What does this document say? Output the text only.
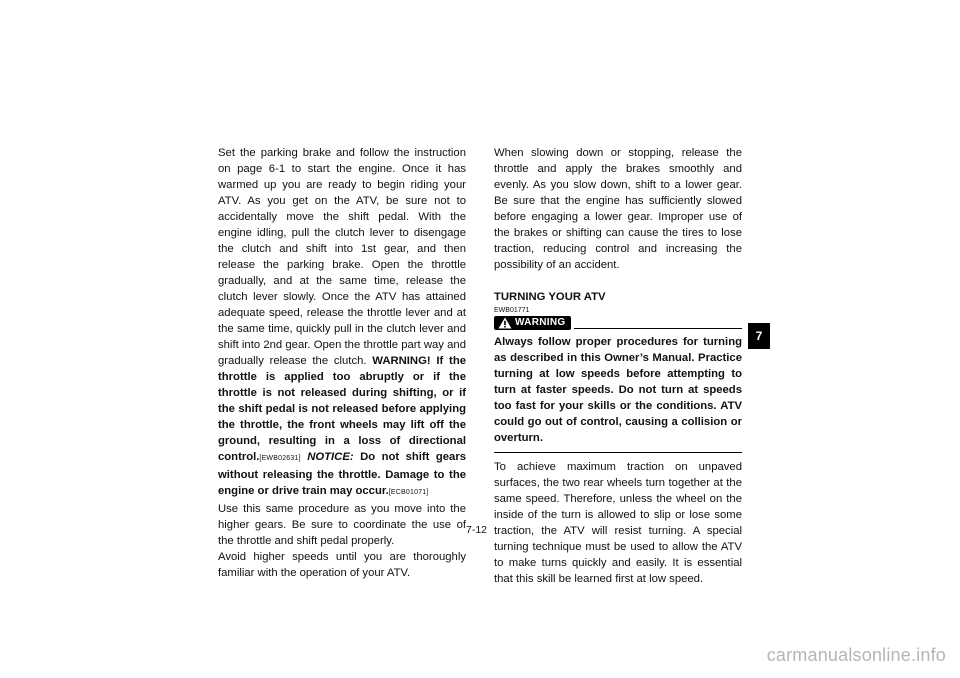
Set the parking brake and follow the instruction on page 6-1 to start the engine. Once it has warmed up you are ready to begin riding your ATV. As you get on the ATV, be sure not to accidentally move the shift pedal. With the engine idling, pull the clutch lever to disengage the clutch and shift into 1st gear, and then release the parking brake. Open the throttle gradually, and at the same time, release the clutch lever slowly. Once the ATV has attained adequate speed, release the throttle lever and at the same time, quickly pull in the clutch lever and shift into 2nd gear. Open the throttle part way and gradually release the clutch. WARNING! If the throttle is applied too abruptly or if the throttle is not released during shifting, or if the shift pedal is not released before applying the throttle, the front wheels may lift off the ground, resulting in a loss of directional control.[EWB02631] NOTICE: Do not shift gears without releasing the throttle. Damage to the engine or drive train may occur.[ECB01071]

Use this same procedure as you move into the higher gears. Be sure to coordinate the use of the throttle and shift pedal properly.

Avoid higher speeds until you are thoroughly familiar with the operation of your ATV.

When slowing down or stopping, release the throttle and apply the brakes smoothly and evenly. As you slow down, shift to a lower gear. Be sure that the engine has sufficiently slowed before engaging a lower gear. Improper use of the brakes or shifting can cause the tires to lose traction, reducing control and increasing the possibility of an accident.

TURNING YOUR ATV

EWB01771

WARNING

Always follow proper procedures for turning as described in this Owner’s Manual. Practice turning at low speeds before attempting to turn at faster speeds. Do not turn at speeds too fast for your skills or the conditions. ATV could go out of control, causing a collision or overturn.

To achieve maximum traction on unpaved surfaces, the two rear wheels turn together at the same speed. Therefore, unless the wheel on the inside of the turn is allowed to slip or lose some traction, the ATV will resist turning. A special turning technique must be used to allow the ATV to make turns quickly and easily. It is essential that this skill be learned first at low speed.

7-12
7
carmanualsonline.info
